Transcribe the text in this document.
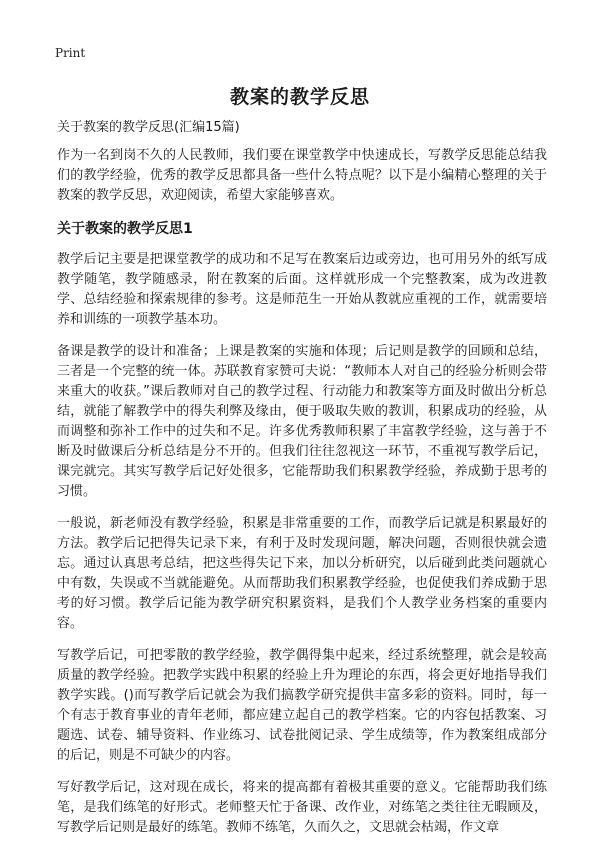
Print
教案的教学反思

关于教案的教学反思(汇编15篇)

作为一名到岗不久的人民教师，我们要在课堂教学中快速成长，写教学反思能总结我们的教学经验，优秀的教学反思都具备一些什么特点呢？以下是小编精心整理的关于教案的教学反思，欢迎阅读，希望大家能够喜欢。

关于教案的教学反思1

教学后记主要是把课堂教学的成功和不足写在教案后边或旁边，也可用另外的纸写成教学随笔，教学随感录，附在教案的后面。这样就形成一个完整教案，成为改进教学、总结经验和探索规律的参考。这是师范生一开始从教就应重视的工作，就需要培养和训练的一项教学基本功。

备课是教学的设计和准备；上课是教案的实施和体现；后记则是教学的回顾和总结，三者是一个完整的统一体。苏联教育家赞可夫说：“教师本人对自己的经验分析则会带来重大的收获。”课后教师对自己的教学过程、行动能力和教案等方面及时做出分析总结，就能了解教学中的得失利弊及缘由，便于吸取失败的教训，积累成功的经验，从而调整和弥补工作中的过失和不足。许多优秀教师积累了丰富教学经验，这与善于不断及时做课后分析总结是分不开的。但我们往往忽视这一环节，不重视写教学后记，课完就完。其实写教学后记好处很多，它能帮助我们积累教学经验，养成勤于思考的习惯。

一般说，新老师没有教学经验，积累是非常重要的工作，而教学后记就是积累最好的方法。教学后记把得失记录下来，有利于及时发现问题，解决问题，否则很快就会遗忘。通过认真思考总结，把这些得失记下来，加以分析研究，以后碰到此类问题就心中有数，失误或不当就能避免。从而帮助我们积累教学经验，也促使我们养成勤于思考的好习惯。教学后记能为教学研究积累资料，是我们个人教学业务档案的重要内容。

写教学后记，可把零散的教学经验，教学偶得集中起来，经过系统整理，就会是较高质量的教学经验。把教学实践中积累的经验上升为理论的东西，将会更好地指导我们教学实践。()而写教学后记就会为我们搞教学研究提供丰富多彩的资料。同时，每一个有志于教育事业的青年老师，都应建立起自己的教学档案。它的内容包括教案、习题选、试卷、辅导资料、作业练习、试卷批阅记录、学生成绩等，作为教案组成部分的后记，则是不可缺少的内容。

写好教学后记，这对现在成长，将来的提高都有着极其重要的意义。它能帮助我们练笔，是我们练笔的好形式。老师整天忙于备课、改作业，对练笔之类往往无暇顾及，写教学后记则是最好的练笔。教师不练笔，久而久之，文思就会枯竭，作文章
